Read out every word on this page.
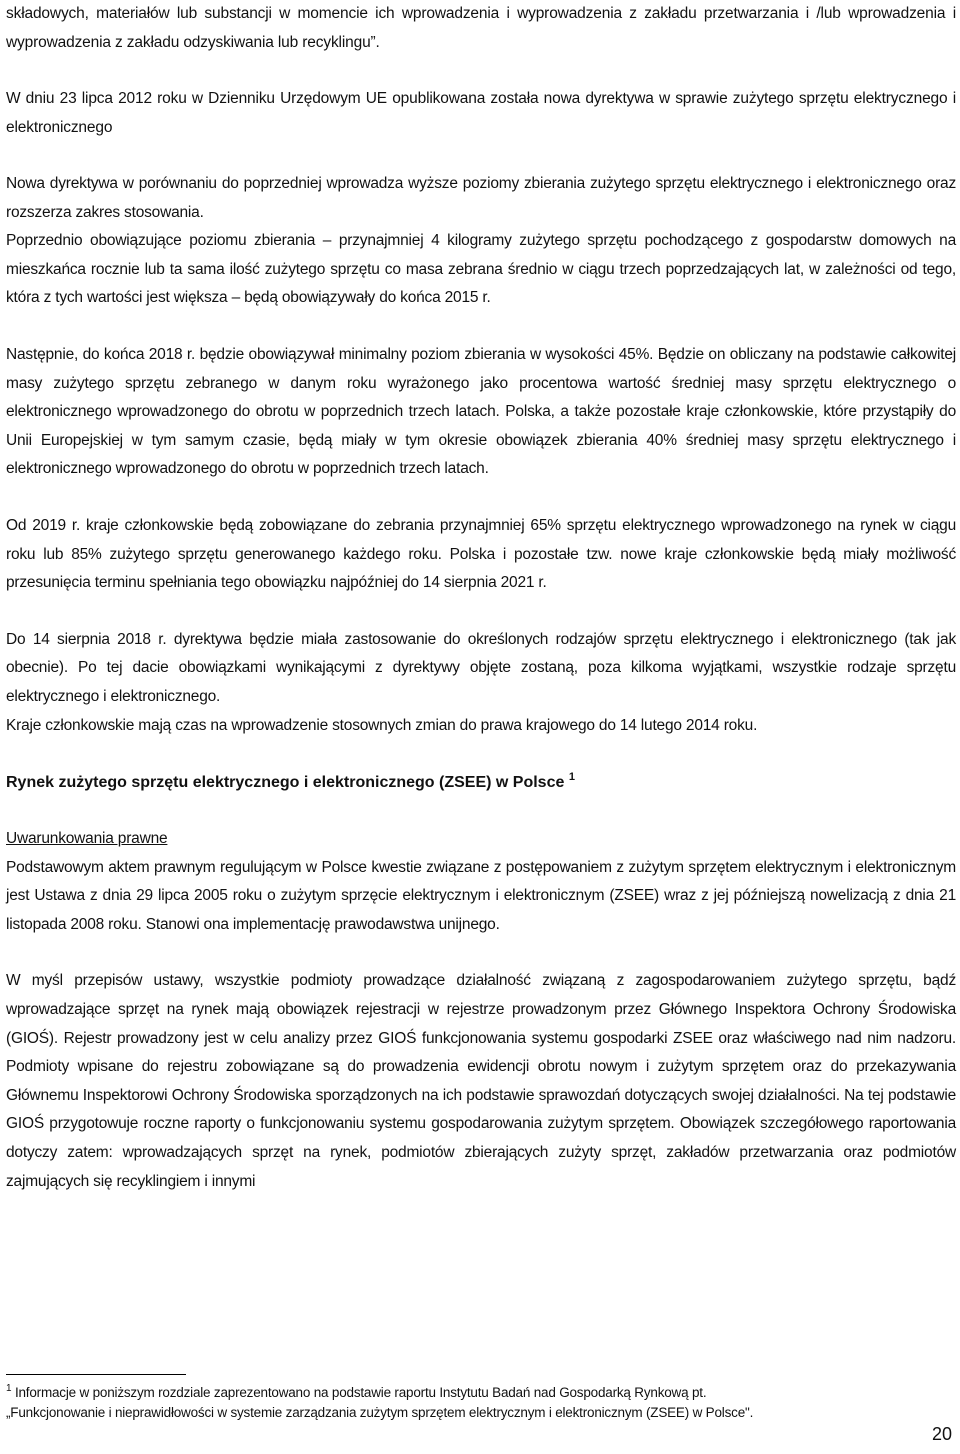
składowych, materiałów lub substancji w momencie ich wprowadzenia i wyprowadzenia z zakładu przetwarzania i /lub wprowadzenia i wyprowadzenia z zakładu odzyskiwania lub recyklingu”.

W dniu 23 lipca 2012 roku w Dzienniku Urzędowym UE opublikowana została nowa dyrektywa w sprawie zużytego sprzętu elektrycznego i elektronicznego

Nowa dyrektywa w porównaniu do poprzedniej wprowadza wyższe poziomy zbierania zużytego sprzętu elektrycznego i elektronicznego oraz rozszerza zakres stosowania.

Poprzednio obowiązujące poziomu zbierania – przynajmniej 4 kilogramy zużytego sprzętu pochodzącego z gospodarstw domowych na mieszkańca rocznie lub ta sama ilość zużytego sprzętu co masa zebrana średnio w ciągu trzech poprzedzających lat, w zależności od tego, która z tych wartości jest większa – będą obowiązywały do końca 2015 r.

Następnie, do końca 2018 r. będzie obowiązywał minimalny poziom zbierania w wysokości 45%. Będzie on obliczany na podstawie całkowitej masy zużytego sprzętu zebranego w danym roku wyrażonego jako procentowa wartość średniej masy sprzętu elektrycznego o elektronicznego wprowadzonego do obrotu w poprzednich trzech latach. Polska, a także pozostałe kraje członkowskie, które przystąpiły do Unii Europejskiej w tym samym czasie, będą miały w tym okresie obowiązek zbierania 40% średniej masy sprzętu elektrycznego i elektronicznego wprowadzonego do obrotu w poprzednich trzech latach.

Od 2019 r. kraje członkowskie będą zobowiązane do zebrania przynajmniej 65% sprzętu elektrycznego wprowadzonego na rynek w ciągu roku lub 85% zużytego sprzętu generowanego każdego roku. Polska i pozostałe tzw. nowe kraje członkowskie będą miały możliwość przesunięcia terminu spełniania tego obowiązku najpóźniej do 14 sierpnia 2021 r.

Do 14 sierpnia 2018 r. dyrektywa będzie miała zastosowanie do określonych rodzajów sprzętu elektrycznego i elektronicznego (tak jak obecnie). Po tej dacie obowiązkami wynikającymi z dyrektywy objęte zostaną, poza kilkoma wyjątkami, wszystkie rodzaje sprzętu elektrycznego i elektronicznego.

Kraje członkowskie mają czas na wprowadzenie stosownych zmian do prawa krajowego do 14 lutego 2014 roku.

Rynek zużytego sprzętu elektrycznego i elektronicznego (ZSEE) w Polsce $^1$

Uwarunkowania prawne

Podstawowym aktem prawnym regulującym w Polsce kwestie związane z postępowaniem z zużytym sprzętem elektrycznym i elektronicznym jest Ustawa z dnia 29 lipca 2005 roku o zużytym sprzęcie elektrycznym i elektronicznym (ZSEE) wraz z jej późniejszą nowelizacją z dnia 21 listopada 2008 roku. Stanowi ona implementację prawodawstwa unijnego.

W myśl przepisów ustawy, wszystkie podmioty prowadzące działalność związaną z zagospodarowaniem zużytego sprzętu, bądź wprowadzające sprzęt na rynek mają obowiązek rejestracji w rejestrze prowadzonym przez Głównego Inspektora Ochrony Środowiska (GIOŚ). Rejestr prowadzony jest w celu analizy przez GIOŚ funkcjonowania systemu gospodarki ZSEE oraz właściwego nad nim nadzoru. Podmioty wpisane do rejestru zobowiązane są do prowadzenia ewidencji obrotu nowym i zużytym sprzętem oraz do przekazywania Głównemu Inspektorowi Ochrony Środowiska sporządzonych na ich podstawie sprawozdań dotyczących swojej działalności. Na tej podstawie GIOŚ przygotowuje roczne raporty o funkcjonowaniu systemu gospodarowania zużytym sprzętem. Obowiązek szczegółowego raportowania dotyczy zatem: wprowadzających sprzęt na rynek, podmiotów zbierających zużyty sprzęt, zakładów przetwarzania oraz podmiotów zajmujących się recyklingiem i innymi

$^1$ Informacje w poniższym rozdziale zaprezentowano na podstawie raportu Instytutu Badań nad Gospodarką Rynkową pt.
„Funkcjonowanie i nieprawidłowości w systemie zarządzania zużytym sprzętem elektrycznym i elektronicznym (ZSEE) w Polsce".
20
